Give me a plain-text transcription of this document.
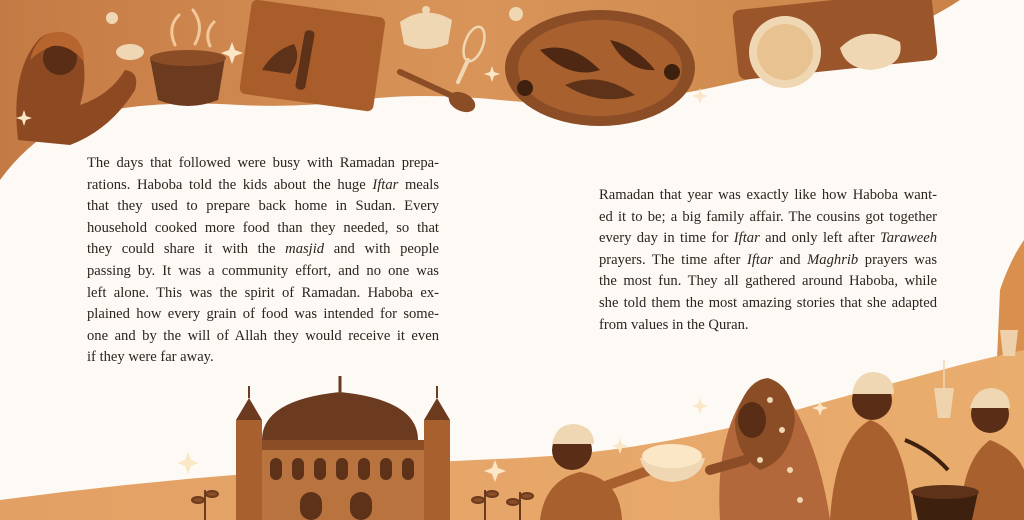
The days that followed were busy with Ramadan prepa-
rations. Haboba told the kids about the huge Iftar meals
that they used to prepare back home in Sudan. Every
household cooked more food than they needed, so that
they could share it with the masjid and with people
passing by. It was a community effort, and no one was
left alone. This was the spirit of Ramadan. Haboba ex-
plained how every grain of food was intended for some-
one and by the will of Allah they would receive it even
if they were far away.

Ramadan that year was exactly like how Haboba want-
ed it to be; a big family affair. The cousins got together
every day in time for Iftar and only left after Taraweeh
prayers. The time after Iftar and Maghrib prayers was
the most fun. They all gathered around Haboba, while
she told them the most amazing stories that she adapted
from values in the Quran.
